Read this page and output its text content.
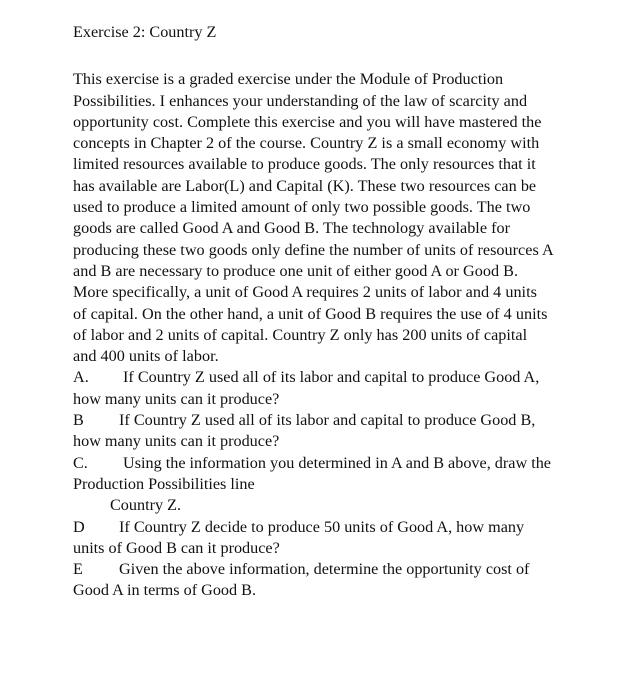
Exercise 2: Country Z

This exercise is a graded exercise under the Module of Production Possibilities. I enhances your understanding of the law of scarcity and opportunity cost. Complete this exercise and you will have mastered the concepts in Chapter 2 of the course. Country Z is a small economy with limited resources available to produce goods. The only resources that it has available are Labor(L) and Capital (K). These two resources can be used to produce a limited amount of only two possible goods. The two goods are called Good A and Good B. The technology available for producing these two goods only define the number of units of resources A and B are necessary to produce one unit of either good A or Good B. More specifically, a unit of Good A requires 2 units of labor and 4 units of capital. On the other hand, a unit of Good B requires the use of 4 units of labor and 2 units of capital. Country Z only has 200 units of capital and 400 units of labor.

A. If Country Z used all of its labor and capital to produce Good A, how many units can it produce?

B If Country Z used all of its labor and capital to produce Good B, how many units can it produce?

C. Using the information you determined in A and B above, draw the Production Possibilities line
Country Z.

D If Country Z decide to produce 50 units of Good A, how many units of Good B can it produce?

E Given the above information, determine the opportunity cost of Good A in terms of Good B.
